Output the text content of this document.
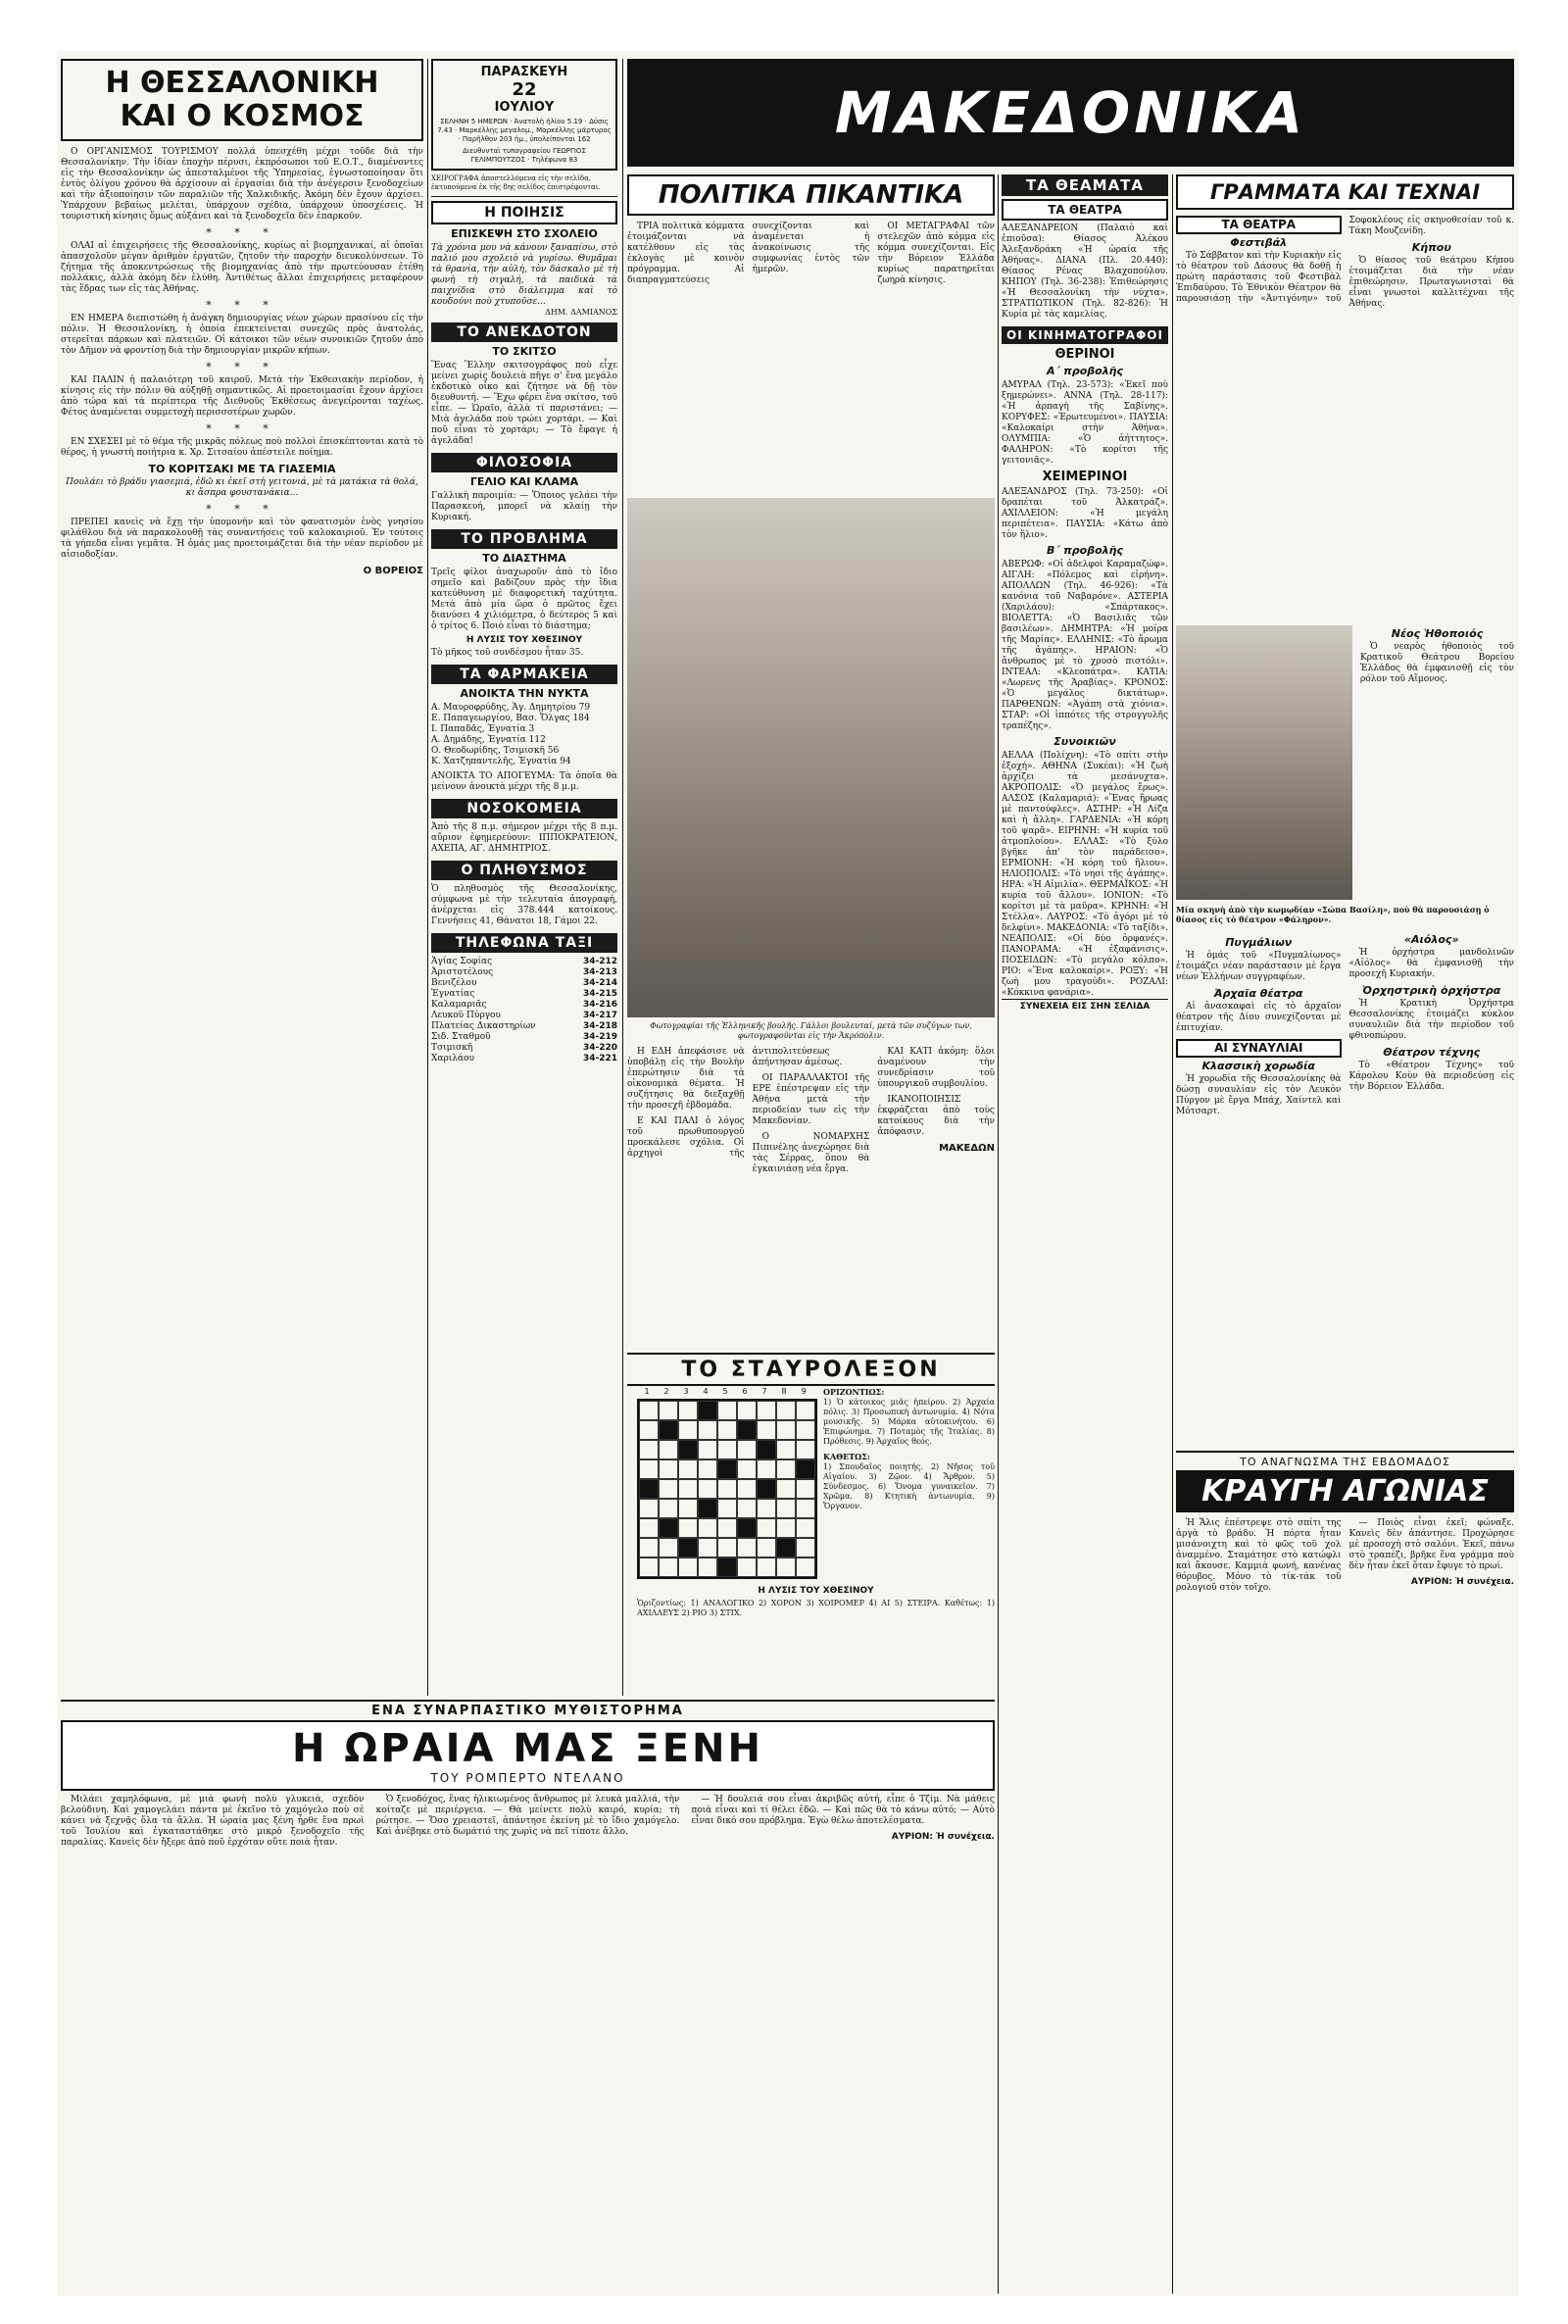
ΜΑΚΕΔΟΝΙΚΑ
Η ΘΕΣΣΑΛΟΝΙΚΗ
ΚΑΙ Ο ΚΟΣΜΟΣ

Ο ΟΡΓΑΝΙΣΜΟΣ ΤΟΥΡΙΣΜΟΥ πολλά ὑπεσχέθη μέχρι τοῦδε διὰ τὴν Θεσσαλονίκην. Τὴν ἰδίαν ἐποχὴν πέρυσι, ἐκπρόσωποι τοῦ Ε.Ο.Τ., διαμένοντες εἰς τὴν Θεσσαλονίκην ὡς ἀπεσταλμένοι τῆς Ὑπηρεσίας, ἐγνωστοποίησαν ὅτι ἐντὸς ὀλίγου χρόνου θὰ ἀρχίσουν αἱ ἐργασίαι διὰ τὴν ἀνέγερσιν ξενοδοχείων καὶ τὴν ἀξιοποίησιν τῶν παραλιῶν τῆς Χαλκιδικῆς. Ἀκόμη δὲν ἔχουν ἀρχίσει. Ὑπάρχουν βεβαίως μελέται, ὑπάρχουν σχέδια, ὑπάρχουν ὑποσχέσεις. Ἡ τουριστικὴ κίνησις ὅμως αὐξάνει καὶ τὰ ξενοδοχεῖα δὲν ἐπαρκοῦν.

* * *

ΟΛΑΙ αἱ ἐπιχειρήσεις τῆς Θεσσαλονίκης, κυρίως αἱ βιομηχανικαί, αἱ ὁποῖαι ἀπασχολοῦν μέγαν ἀριθμὸν ἐργατῶν, ζητοῦν τὴν παροχὴν διευκολύνσεων. Τὸ ζήτημα τῆς ἀποκεντρώσεως τῆς βιομηχανίας ἀπὸ τὴν πρωτεύουσαν ἐτέθη πολλάκις, ἀλλὰ ἀκόμη δὲν ἐλύθη. Ἀντιθέτως ἄλλαι ἐπιχειρήσεις μεταφέρουν τὰς ἕδρας των εἰς τὰς Ἀθήνας.

* * *

ΕΝ ΗΜΕΡΑ διεπιστώθη ἡ ἀνάγκη δημιουργίας νέων χώρων πρασίνου εἰς τὴν πόλιν. Ἡ Θεσσαλονίκη, ἡ ὁποία ἐπεκτείνεται συνεχῶς πρὸς ἀνατολάς, στερεῖται πάρκων καὶ πλατειῶν. Οἱ κάτοικοι τῶν νέων συνοικιῶν ζητοῦν ἀπὸ τὸν Δῆμον νὰ φροντίσῃ διὰ τὴν δημιουργίαν μικρῶν κήπων.

* * *

ΚΑΙ ΠΑΛΙΝ ἡ παλαιότερη τοῦ καιροῦ. Μετὰ τὴν Ἐκθεσιακὴν περίοδον, ἡ κίνησις εἰς τὴν πόλιν θὰ αὐξηθῇ σημαντικῶς. Αἱ προετοιμασίαι ἔχουν ἀρχίσει ἀπὸ τώρα καὶ τὰ περίπτερα τῆς Διεθνοῦς Ἐκθέσεως ἀνεγείρονται ταχέως. Φέτος ἀναμένεται συμμετοχὴ περισσοτέρων χωρῶν.

* * *

ΕΝ ΣΧΕΣΕΙ μὲ τὸ θέμα τῆς μικρᾶς πόλεως ποὺ πολλοὶ ἐπισκέπτονται κατὰ τὸ θέρος, ἡ γνωστὴ ποιήτρια κ. Χρ. Σιτσαίου ἀπέστειλε ποίημα.

ΤΟ ΚΟΡΙΤΣΑΚΙ ΜΕ ΤΑ ΓΙΑΣΕΜΙΑ

Πουλάει τὸ βράδυ γιασεμιά, ἐδῶ κι ἐκεῖ στὴ γειτονιά, μὲ τὰ ματάκια τὰ θολά, κι ἄσπρα φουστανάκια...

* * *

ΠΡΕΠΕΙ κανεὶς νὰ ἔχῃ τὴν ὑπομονὴν καὶ τὸν φανατισμὸν ἑνὸς γνησίου φιλάθλου διὰ νὰ παρακολουθῇ τὰς συναντήσεις τοῦ καλοκαιριοῦ. Ἐν τούτοις τὰ γήπεδα εἶναι γεμᾶτα. Ἡ ὁμάς μας προετοιμάζεται διὰ τὴν νέαν περίοδον μὲ αἰσιοδοξίαν.

Ο ΒΟΡΕΙΟΣ
ΠΑΡΑΣΚΕΥΗ
22
ΙΟΥΛΙΟΥ
ΣΕΛΗΝΗ 5 ΗΜΕΡΩΝ · Ἀνατολὴ ἡλίου 5.19 · Δύσις 7.43 · Μαρκέλλης μεγαλομ., Μαρκέλλης μάρτυρος · Παρῆλθον 203 ἡμ., ὑπολείπονται 162
Διευθυνταὶ τυπογραφείου ΓΕΩΡΓΙΟΣ ΓΕΛΙΜΠΟΥΤΖΟΣ · Τηλέφωνα 83
ΧΕΙΡΟΓΡΑΦΑ ἀποστελλόμενα εἰς τὴν σελίδα, ἐκτυπούμενα ἐκ τῆς 8ης σελίδος ἐπιστρέφονται.
Η ΠΟΙΗΣΙΣ
ΕΠΙΣΚΕΨΗ ΣΤΟ ΣΧΟΛΕΙΟ

Τὰ χρόνια μου νὰ κάνουν ξαναπίσω, στὸ παλιό μου σχολειὸ νὰ γυρίσω. Θυμᾶμαι τὰ θρανία, τὴν αὐλή, τὸν δάσκαλο μὲ τὴ φωνὴ τὴ σιγαλή, τὰ παιδικὰ τὰ παιχνίδια στὸ διάλειμμα καὶ τὸ κουδούνι ποὺ χτυποῦσε...

ΔΗΜ. ΔΑΜΙΑΝΟΣ
ΤΟ ΑΝΕΚΔΟΤΟΝ
ΤΟ ΣΚΙΤΣΟ

Ἕνας Ἕλλην σκιτσογράφος ποὺ εἶχε μείνει χωρὶς δουλειὰ πῆγε σ' ἕνα μεγάλο ἐκδοτικὸ οἶκο καὶ ζήτησε νὰ δῇ τὸν διευθυντή. — Ἔχω φέρει ἕνα σκίτσο, τοῦ εἶπε. — Ὡραῖο, ἀλλὰ τί παριστάνει; — Μιὰ ἀγελάδα ποὺ τρώει χορτάρι. — Καὶ ποῦ εἶναι τὸ χορτάρι; — Τὸ ἔφαγε ἡ ἀγελάδα!

ΦΙΛΟΣΟΦΙΑ
ΓΕΛΙΟ ΚΑΙ ΚΛΑΜΑ

Γαλλικὴ παροιμία: — Ὅποιος γελάει τὴν Παρασκευή, μπορεῖ νὰ κλαίῃ τὴν Κυριακή.

ΤΟ ΠΡΟΒΛΗΜΑ
ΤΟ ΔΙΑΣΤΗΜΑ

Τρεῖς φίλοι ἀναχωροῦν ἀπὸ τὸ ἴδιο σημεῖο καὶ βαδίζουν πρὸς τὴν ἴδια κατεύθυνση μὲ διαφορετικὴ ταχύτητα. Μετὰ ἀπὸ μία ὥρα ὁ πρῶτος ἔχει διανύσει 4 χιλιόμετρα, ὁ δεύτερος 5 καὶ ὁ τρίτος 6. Ποιὸ εἶναι τὸ διάστημα;

Η ΛΥΣΙΣ ΤΟΥ ΧΘΕΣΙΝΟΥ

Τὸ μῆκος τοῦ συνδέσμου ἦταν 35.

ΤΑ ΦΑΡΜΑΚΕΙΑ
ΑΝΟΙΚΤΑ ΤΗΝ ΝΥΚΤΑ
Α. Μαυροφρύδης, Ἁγ. Δημητρίου 79
Ε. Παπαγεωργίου, Βασ. Ὄλγας 184
Ι. Παπαδᾶς, Ἐγνατία 3
Α. Δημάδης, Ἐγνατία 112
Ο. Θεοδωρίδης, Τσιμισκῆ 56
Κ. Χατζηπαντελῆς, Ἐγνατία 94

ΑΝΟΙΚΤΑ ΤΟ ΑΠΟΓΕΥΜΑ: Τὰ ὁποῖα θὰ μείνουν ἀνοικτὰ μέχρι τῆς 8 μ.μ.

ΝΟΣΟΚΟΜΕΙΑ

Ἀπὸ τῆς 8 π.μ. σήμερον μέχρι τῆς 8 π.μ. αὔριον ἐφημερεύουν: ΙΠΠΟΚΡΑΤΕΙΟΝ, ΑΧΕΠΑ, ΑΓ. ΔΗΜΗΤΡΙΟΣ.

Ο ΠΛΗΘΥΣΜΟΣ

Ὁ πληθυσμὸς τῆς Θεσσαλονίκης, σύμφωνα μὲ τὴν τελευταία ἀπογραφή, ἀνέρχεται εἰς 378.444 κατοίκους. Γεννήσεις 41, Θάνατοι 18, Γάμοι 22.

ΤΗΛΕΦΩΝΑ ΤΑΞΙ
Ἀγίας Σοφίας	34-212
Ἀριστοτέλους	34-213
Βενιζέλου	34-214
Ἐγνατίας	34-215
Καλαμαριᾶς	34-216
Λευκοῦ Πύργου	34-217
Πλατείας Δικαστηρίων	34-218
Σιδ. Σταθμοῦ	34-219
Τσιμισκῆ	34-220
Χαριλάου	34-221
ΠΟΛΙΤΙΚΑ ΠΙΚΑΝΤΙΚΑ

ΤΡΙΑ πολιτικὰ κόμματα ἑτοιμάζονται νὰ κατέλθουν εἰς τὰς ἐκλογὰς μὲ κοινὸν πρόγραμμα. Αἱ διαπραγματεύσεις συνεχίζονται καὶ ἀναμένεται ἡ ἀνακοίνωσις τῆς συμφωνίας ἐντὸς τῶν ἡμερῶν.

ΟΙ ΜΕΤΑΓΡΑΦΑΙ τῶν στελεχῶν ἀπὸ κόμμα εἰς κόμμα συνεχίζονται. Εἰς τὴν Βόρειον Ἑλλάδα κυρίως παρατηρεῖται ζωηρὰ κίνησις.

Φωτογραφίαι τῆς Ἑλληνικῆς βουλῆς. Γάλλοι βουλευταί, μετὰ τῶν συζύγων των, φωτογραφοῦνται εἰς τὴν Ἀκρόπολιν.

Η ΕΔΗ ἀπεφάσισε νὰ ὑποβάλῃ εἰς τὴν Βουλὴν ἐπερώτησιν διὰ τὰ οἰκονομικὰ θέματα. Ἡ συζήτησις θὰ διεξαχθῇ τὴν προσεχῆ ἑβδομάδα.

Ε ΚΑΙ ΠΑΛΙ ὁ λόγος τοῦ πρωθυπουργοῦ προεκάλεσε σχόλια. Οἱ ἀρχηγοὶ τῆς ἀντιπολιτεύσεως ἀπήντησαν ἀμέσως.

ΟΙ ΠΑΡΑΛΛΑΚΤΟΙ τῆς ΕΡΕ ἐπέστρεψαν εἰς τὴν Ἀθήνα μετὰ τὴν περιοδείαν των εἰς τὴν Μακεδονίαν.

Ο ΝΟΜΑΡΧΗΣ Πιπινέλης ἀνεχώρησε διὰ τὰς Σέρρας, ὅπου θὰ ἐγκαινιάσῃ νέα ἔργα.

ΚΑΙ ΚΑΤΙ ἀκόμη: ὅλοι ἀναμένουν τὴν συνεδρίασιν τοῦ ὑπουργικοῦ συμβουλίου.

ΙΚΑΝΟΠΟΙΗΣΙΣ ἐκφράζεται ἀπὸ τοὺς κατοίκους διὰ τὴν ἀπόφασιν.

ΜΑΚΕΔΩΝ
ΤΟ ΣΤΑΥΡΟΛΕΞΟΝ
1	2	3	4	5	6	7	8	9	ΟΡΙΖΟΝΤΙΩΣ:

1) Ὁ κάτοικος μιᾶς ἠπείρου. 2) Ἀρχαία πόλις. 3) Προσωπικὴ ἀντωνυμία. 4) Νότα μουσικῆς. 5) Μάρκα αὐτοκινήτου. 6) Ἐπιφώνημα. 7) Ποταμὸς τῆς Ἰταλίας. 8) Πρόθεσις. 9) Ἀρχαῖος θεός.

ΚΑΘΕΤΩΣ:

1) Σπουδαῖος ποιητής. 2) Νῆσος τοῦ Αἰγαίου. 3) Ζῷον. 4) Ἄρθρον. 5) Σύνδεσμος. 6) Ὄνομα γυναικεῖον. 7) Χρῶμα. 8) Κτητικὴ ἀντωνυμία. 9) Ὄργανον.

Η ΛΥΣΙΣ ΤΟΥ ΧΘΕΣΙΝΟΥ

Ὁριζοντίως: 1) ΑΝΑΛΟΓΙΚΟ 2) ΧΟΡΟΝ 3) ΧΟΙΡΟΜΕΡ 4) ΑΙ 5) ΣΤΕΙΡΑ. Καθέτως: 1) ΑΧΙΛΛΕΥΣ 2) ΡΙΟ 3) ΣΤΙΧ.

ΤΑ ΘΕΑΜΑΤΑ
ΤΑ ΘΕΑΤΡΑ

ΑΛΕΞΑΝΔΡΕΙΟΝ (Παλαιὸ καὶ ἐπιοῦσα): Θίασος Ἀλέκου Ἀλεξανδράκη «Ἡ ὡραία τῆς Ἀθήνας». ΔΙΑΝΑ (Πλ. 20.440): Θίασος Ρένας Βλαχοπούλου. ΚΗΠΟΥ (Τηλ. 36-238): Ἐπιθεώρησις «Ἡ Θεσσαλονίκη τὴν νύχτα». ΣΤΡΑΤΙΩΤΙΚΟΝ (Τηλ. 82-826): Ἡ Κυρία μὲ τὰς καμελίας.

ΟΙ ΚΙΝΗΜΑΤΟΓΡΑΦΟΙ
ΘΕΡΙΝΟΙ
Α΄ προβολῆς

ΑΜΥΡΑΛ (Τηλ. 23-573): «Ἐκεῖ ποὺ ξημερώνει». ΑΝΝΑ (Τηλ. 28-117): «Ἡ ἀρπαγὴ τῆς Σαβίνης». ΚΟΡΥΦΕΣ: «Ἐρωτευμένοι». ΠΑΥΣΙΑ: «Καλοκαίρι στὴν Ἀθήνα». ΟΛΥΜΠΙΑ: «Ὁ ἀήττητος». ΦΑΛΗΡΟΝ: «Τὸ κορίτσι τῆς γειτονιᾶς».

ΧΕΙΜΕΡΙΝΟΙ

ΑΛΕΞΑΝΔΡΟΣ (Τηλ. 73-250): «Οἱ δραπέται τοῦ Ἀλκατράζ». ΑΧΙΛΛΕΙΟΝ: «Ἡ μεγάλη περιπέτεια». ΠΑΥΣΙΑ: «Κάτω ἀπὸ τὸν ἥλιο».

Β΄ προβολῆς

ΑΒΕΡΩΦ: «Οἱ ἀδελφοὶ Καραμαζώφ». ΑΙΓΛΗ: «Πόλεμος καὶ εἰρήνη». ΑΠΟΛΛΩΝ (Τηλ. 46-926): «Τὰ κανόνια τοῦ Ναβαρόνε». ΑΣΤΕΡΙΑ (Χαριλάου): «Σπάρτακος». ΒΙΟΛΕΤΤΑ: «Ὁ Βασιλιᾶς τῶν βασιλέων». ΔΗΜΗΤΡΑ: «Ἡ μοίρα τῆς Μαρίας». ΕΛΛΗΝΙΣ: «Τὸ ἄρωμα τῆς ἀγάπης». ΗΡΑΙΟΝ: «Ὁ ἄνθρωπος μὲ τὸ χρυσὸ πιστόλι». ΙΝΤΕΑΛ: «Κλεοπάτρα». ΚΑΤΙΑ: «Λωρενς τῆς Ἀραβίας». ΚΡΟΝΟΣ: «Ὁ μεγάλος δικτάτωρ». ΠΑΡΘΕΝΩΝ: «Ἀγάπη στὰ χιόνια». ΣΤΑΡ: «Οἱ ἱππότες τῆς στρογγυλῆς τραπέζης».

Συνοικιῶν

ΑΕΛΛΑ (Πολίχνη): «Τὸ σπίτι στὴν ἐξοχή». ΑΘΗΝΑ (Συκέαι): «Ἡ ζωὴ ἀρχίζει τὰ μεσάνυχτα». ΑΚΡΟΠΟΛΙΣ: «Ὁ μεγάλος ἔρως». ΑΛΣΟΣ (Καλαμαριά): «Ἕνας ἥρωας μὲ παντούφλες». ΑΣΤΗΡ: «Ἡ Λίζα καὶ ἡ ἄλλη». ΓΑΡΔΕΝΙΑ: «Ἡ κόρη τοῦ ψαρᾶ». ΕΙΡΗΝΗ: «Ἡ κυρία τοῦ ἀτμοπλοίου». ΕΛΛΑΣ: «Τὸ ξύλο βγῆκε ἀπ' τὸν παράδεισο». ΕΡΜΙΟΝΗ: «Ἡ κόρη τοῦ ἥλιου». ΗΛΙΟΠΟΛΙΣ: «Τὸ νησὶ τῆς ἀγάπης». ΗΡΑ: «Ἡ Αἰμιλία». ΘΕΡΜΑΪΚΟΣ: «Ἡ κυρία τοῦ ἄλλου». ΙΟΝΙΟΝ: «Τὸ κορίτσι μὲ τὰ μαῦρα». ΚΡΗΝΗ: «Ἡ Στέλλα». ΛΑΥΡΟΣ: «Τὸ ἀγόρι μὲ τὸ δελφίνι». ΜΑΚΕΔΟΝΙΑ: «Τὸ ταξίδι». ΝΕΑΠΟΛΙΣ: «Οἱ δύο ὀρφανές». ΠΑΝΟΡΑΜΑ: «Ἡ ἐξαφάνισις». ΠΟΣΕΙΔΩΝ: «Τὸ μεγάλο κόλπο». ΡΙΟ: «Ἕνα καλοκαίρι». ΡΟΞΥ: «Ἡ ζωὴ μου τραγούδι». ΡΟΖΑΛΙ: «Κόκκινα φανάρια».

ΣΥΝΕΧΕΙΑ ΕΙΣ ΣΗΝ ΣΕΛΙΔΑ
ΓΡΑΜΜΑΤΑ ΚΑΙ ΤΕΧΝΑΙ
ΤΑ ΘΕΑΤΡΑ
Φεστιβάλ

Τὸ Σάββατον καὶ τὴν Κυριακὴν εἰς τὸ θέατρον τοῦ Δάσους θὰ δοθῇ ἡ πρώτη παράστασις τοῦ Φεστιβὰλ Ἐπιδαύρου. Τὸ Ἐθνικὸν Θέατρον θὰ παρουσιάσῃ τὴν «Ἀντιγόνην» τοῦ Σοφοκλέους εἰς σκηνοθεσίαν τοῦ κ. Τάκη Μουζενίδη.

Κήπου

Ὁ θίασος τοῦ θεάτρου Κήπου ἑτοιμάζεται διὰ τὴν νέαν ἐπιθεώρησιν. Πρωταγωνισταὶ θὰ εἶναι γνωστοὶ καλλιτέχναι τῆς Ἀθήνας.

Μία σκηνὴ ἀπὸ τὴν κωμῳδίαν «Σώπα Βασίλη», ποὺ θὰ παρουσιάσῃ ὁ θίασος εἰς τὸ θέατρον «Φάληρον».
Νέος Ἡθοποιός

Ὁ νεαρὸς ἡθοποιὸς τοῦ Κρατικοῦ Θεάτρου Βορείου Ἑλλάδος θὰ ἐμφανισθῇ εἰς τὸν ρόλον τοῦ Αἵμονος.

Πυγμάλιων

Ἡ ὁμάς τοῦ «Πυγμαλίωνος» ἐτοιμάζει νέαν παράστασιν μὲ ἔργα νέων Ἑλλήνων συγγραφέων.

Ἀρχαῖα θέατρα

Αἱ ἀνασκαφαὶ εἰς τὸ ἀρχαῖον θέατρον τῆς Δίου συνεχίζονται μὲ ἐπιτυχίαν.

ΑΙ ΣΥΝΑΥΛΙΑΙ
Κλασσικὴ χορωδία

Ἡ χορωδία τῆς Θεσσαλονίκης θὰ δώσῃ συναυλίαν εἰς τὸν Λευκὸν Πύργον μὲ ἔργα Μπάχ, Χαίντελ καὶ Μότσαρτ.

«Αιόλος»

Ἡ ὀρχήστρα μανδολινῶν «Αἰόλος» θὰ ἐμφανισθῇ τὴν προσεχῆ Κυριακήν.

Ὀρχηστρικὴ ὀρχήστρα

Ἡ Κρατικὴ Ὀρχήστρα Θεσσαλονίκης ἑτοιμάζει κύκλον συναυλιῶν διὰ τὴν περίοδον τοῦ φθινοπώρου.

Θέατρον τέχνης

Τὸ «Θέατρον Τέχνης» τοῦ Κάρολου Κοὺν θὰ περιοδεύσῃ εἰς τὴν Βόρειον Ἑλλάδα.

ΤΟ ΑΝΑΓΝΩΣΜΑ ΤΗΣ ΕΒΔΟΜΑΔΟΣ
ΚΡΑΥΓΗ ΑΓΩΝΙΑΣ

Ἡ Ἄλις ἐπέστρεψε στὸ σπίτι της ἀργὰ τὸ βράδυ. Ἡ πόρτα ἦταν μισάνοιχτη καὶ τὸ φῶς τοῦ χολ ἀναμμένο. Σταμάτησε στὸ κατώφλι καὶ ἄκουσε. Καμμιὰ φωνή, κανένας θόρυβος. Μόνο τὸ τίκ-τάκ τοῦ ρολογιοῦ στὸν τοῖχο.

— Ποιὸς εἶναι ἐκεῖ; φώναξε. Κανεὶς δὲν ἀπάντησε. Προχώρησε μὲ προσοχὴ στὸ σαλόνι. Ἐκεῖ, πάνω στὸ τραπέζι, βρῆκε ἕνα γράμμα ποὺ δὲν ἦταν ἐκεῖ ὅταν ἔφυγε τὸ πρωί.

ΑΥΡΙΟΝ: Ἡ συνέχεια.
ΕΝΑ ΣΥΝΑΡΠΑΣΤΙΚΟ ΜΥΘΙΣΤΟΡΗΜΑ
Η ΩΡΑΙΑ ΜΑΣ ΞΕΝΗ
ΤΟΥ ΡΟΜΠΕΡΤΟ ΝΤΕΛΑΝΟ

Μιλάει χαμηλόφωνα, μὲ μιὰ φωνὴ πολὺ γλυκειὰ, σχεδὸν βελούδινη. Καὶ χαμογελάει πάντα μὲ ἐκεῖνο τὸ χαμόγελο ποὺ σὲ κάνει νὰ ξεχνᾷς ὅλα τὰ ἄλλα. Ἡ ὡραία μας ξένη ἦρθε ἕνα πρωὶ τοῦ Ἰουλίου καὶ ἐγκαταστάθηκε στὸ μικρὸ ξενοδοχεῖο τῆς παραλίας. Κανεὶς δὲν ἤξερε ἀπὸ ποῦ ἐρχόταν οὔτε ποιὰ ἦταν.

Ὁ ξενοδόχος, ἕνας ἡλικιωμένος ἄνθρωπος μὲ λευκὰ μαλλιά, τὴν κοίταζε μὲ περιέργεια. — Θὰ μείνετε πολὺ καιρό, κυρία; τὴ ρώτησε. — Ὅσο χρειαστεῖ, ἀπάντησε ἐκείνη μὲ τὸ ἴδιο χαμόγελο. Καὶ ἀνέβηκε στὸ δωμάτιό της χωρὶς νὰ πεῖ τίποτε ἄλλο.

— Ἡ δουλειά σου εἶναι ἀκριβῶς αὐτή, εἶπε ὁ Τζίμ. Νὰ μάθεις ποιὰ εἶναι καὶ τί θέλει ἐδῶ. — Καὶ πῶς θὰ τὸ κάνω αὐτό; — Αὐτὸ εἶναι δικό σου πρόβλημα. Ἐγὼ θέλω ἀποτελέσματα.

ΑΥΡΙΟΝ: Ἡ συνέχεια.
